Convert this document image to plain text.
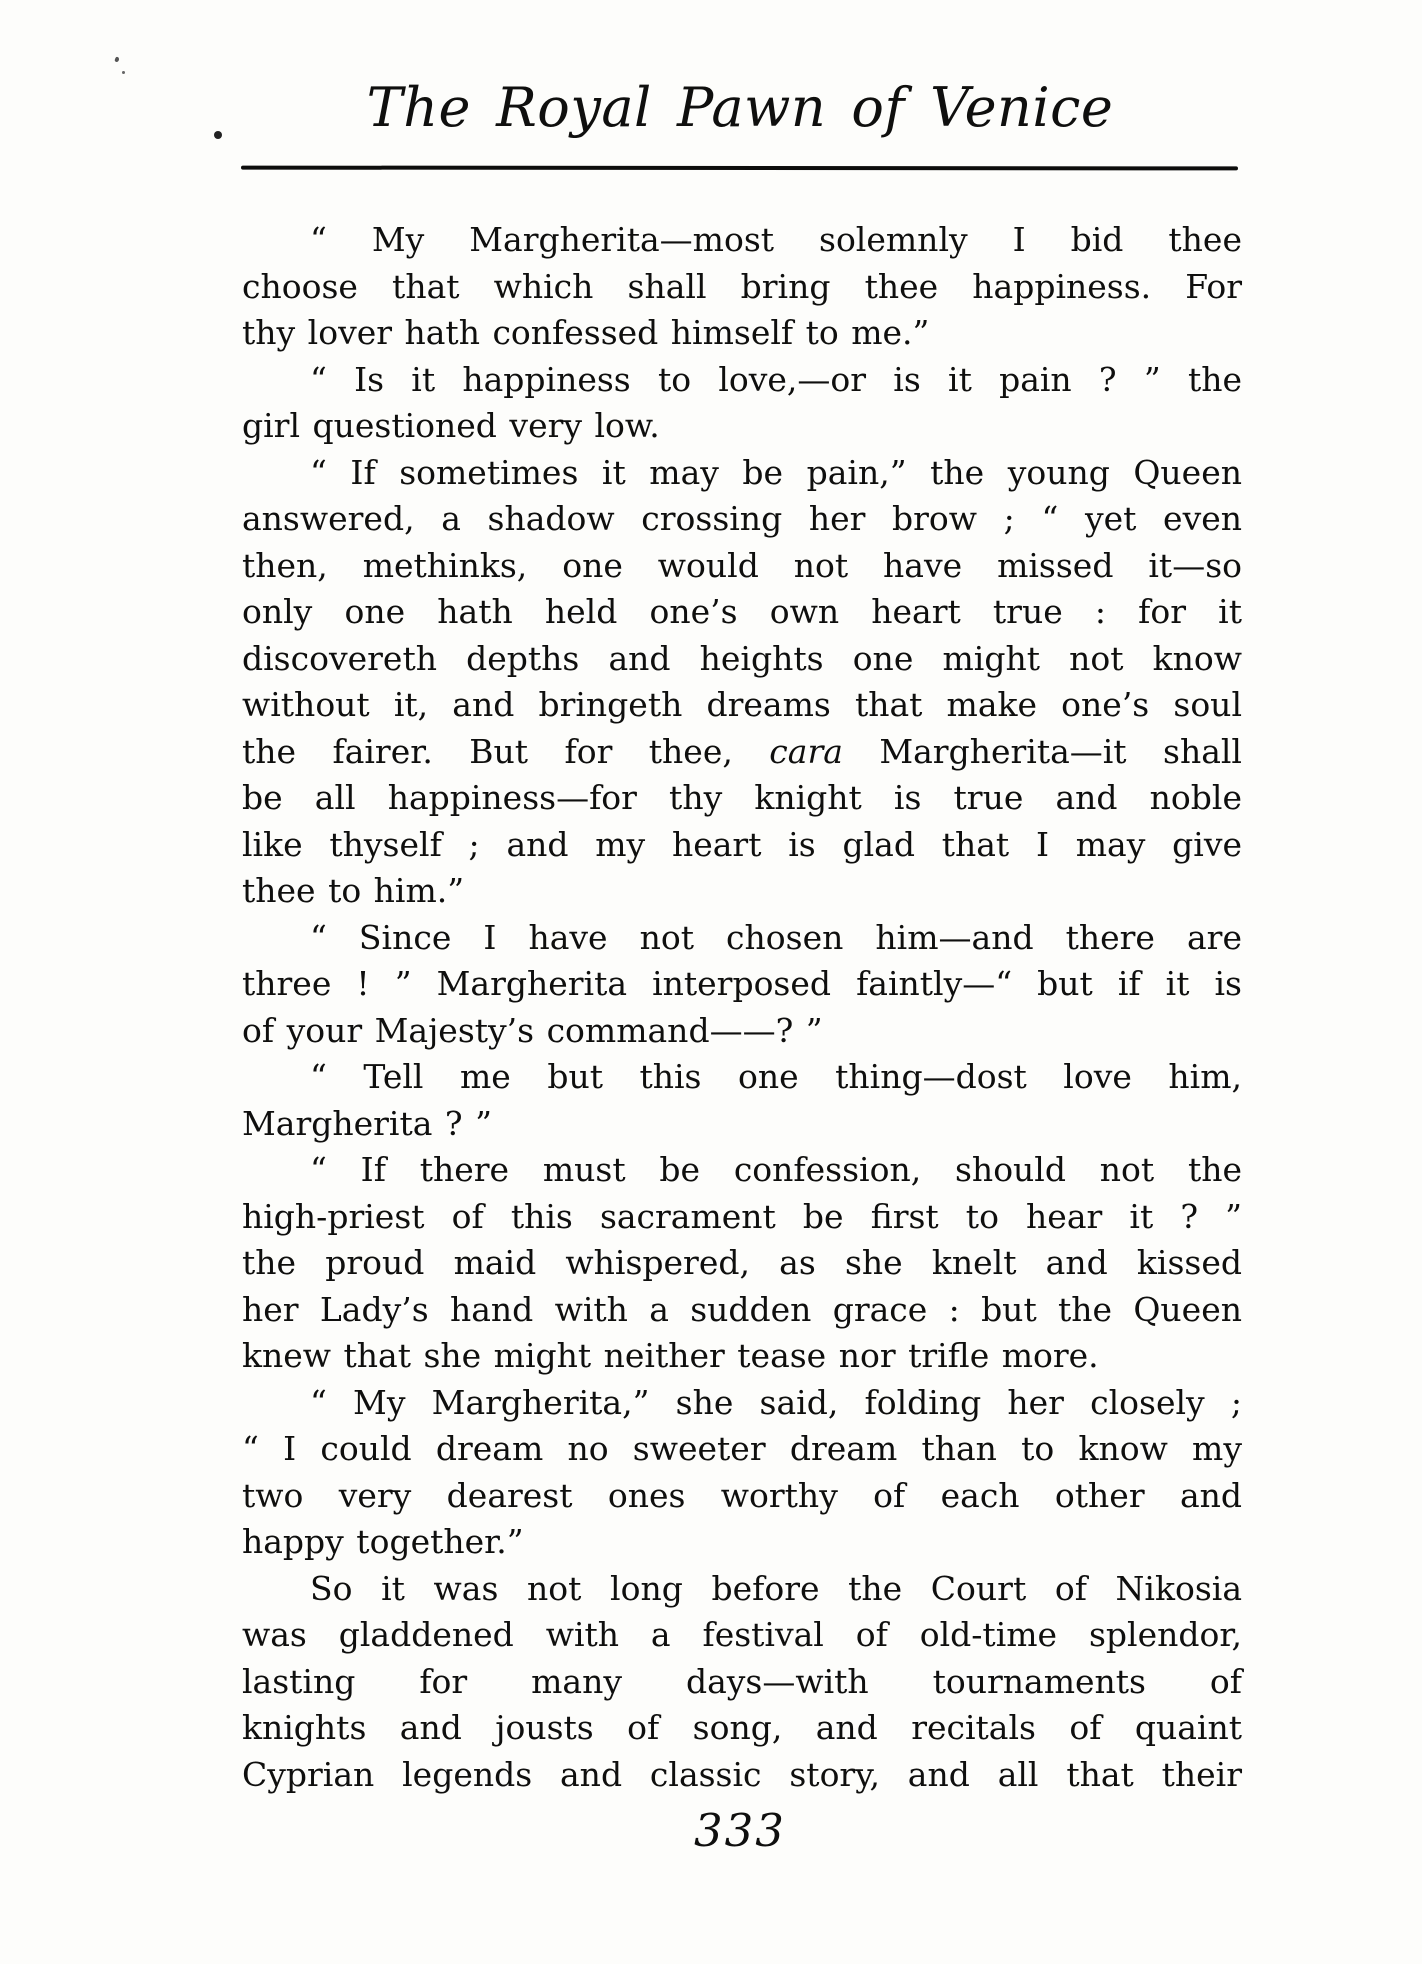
The Royal Pawn of Venice
“ My Margherita—most solemnly I bid thee
choose that which shall bring thee happiness. For
thy lover hath confessed himself to me.”
“ Is it happiness to love,—or is it pain ? ” the
girl questioned very low.
“ If sometimes it may be pain,” the young Queen
answered, a shadow crossing her brow ; “ yet even
then, methinks, one would not have missed it—so
only one hath held one’s own heart true : for it
discovereth depths and heights one might not know
without it, and bringeth dreams that make one’s soul
the fairer. But for thee, cara Margherita—it shall
be all happiness—for thy knight is true and noble
like thyself ; and my heart is glad that I may give
thee to him.”
“ Since I have not chosen him—and there are
three ! ” Margherita interposed faintly—“ but if it is
of your Majesty’s command——? ”
“ Tell me but this one thing—dost love him,
Margherita ? ”
“ If there must be confession, should not the
high-priest of this sacrament be first to hear it ? ”
the proud maid whispered, as she knelt and kissed
her Lady’s hand with a sudden grace : but the Queen
knew that she might neither tease nor trifle more.
“ My Margherita,” she said, folding her closely ;
“ I could dream no sweeter dream than to know my
two very dearest ones worthy of each other and
happy together.”
So it was not long before the Court of Nikosia
was gladdened with a festival of old-time splendor,
lasting for many days—with tournaments of
knights and jousts of song, and recitals of quaint
Cyprian legends and classic story, and all that their
333
